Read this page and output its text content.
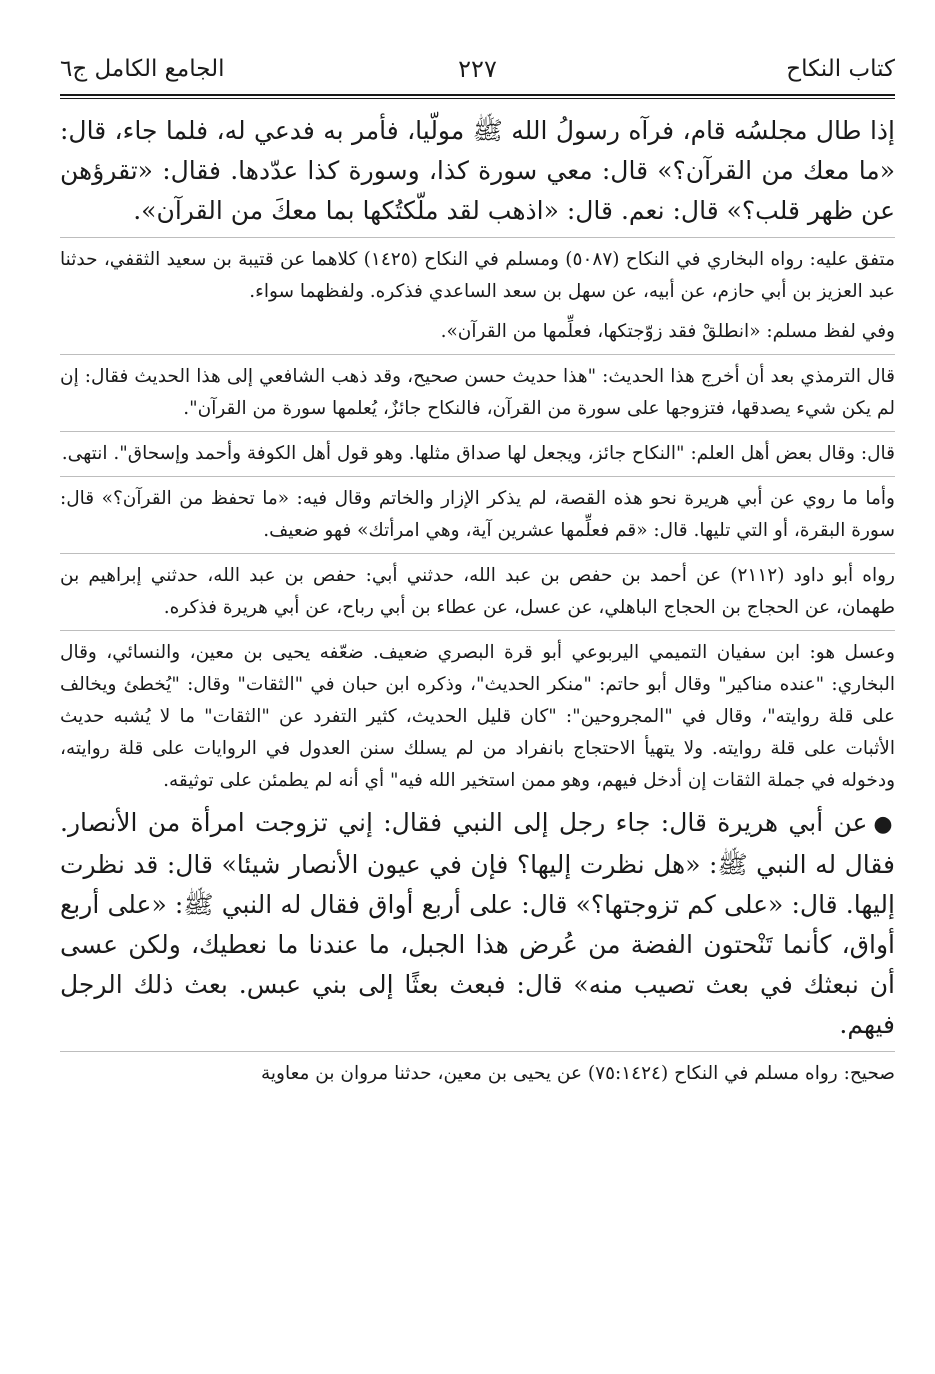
كتاب النكاح
٢٢٧
الجامع الكامل ج٦

إذا طال مجلسُه قام، فرآه رسولُ الله ﷺ مولّيا، فأمر به فدعي له، فلما جاء، قال: «ما معك من القرآن؟» قال: معي سورة كذا، وسورة كذا عدّدها. فقال: «تقرؤهن عن ظهر قلب؟» قال: نعم. قال: «اذهب لقد ملّكتُكها بما معكَ من القرآن».

متفق عليه: رواه البخاري في النكاح (٥٠٨٧) ومسلم في النكاح (١٤٢٥) كلاهما عن قتيبة بن سعيد الثقفي، حدثنا عبد العزيز بن أبي حازم، عن أبيه، عن سهل بن سعد الساعدي فذكره. ولفظهما سواء.

وفي لفظ مسلم: «انطلقْ فقد زوّجتكها، فعلِّمها من القرآن».

قال الترمذي بعد أن أخرج هذا الحديث: "هذا حديث حسن صحيح، وقد ذهب الشافعي إلى هذا الحديث فقال: إن لم يكن شيء يصدقها، فتزوجها على سورة من القرآن، فالنكاح جائزٌ، يُعلمها سورة من القرآن".

قال: وقال بعض أهل العلم: "النكاح جائز، ويجعل لها صداق مثلها. وهو قول أهل الكوفة وأحمد وإسحاق". انتهى.

وأما ما روي عن أبي هريرة نحو هذه القصة، لم يذكر الإزار والخاتم وقال فيه: «ما تحفظ من القرآن؟» قال: سورة البقرة، أو التي تليها. قال: «قم فعلِّمها عشرين آية، وهي امرأتك» فهو ضعيف.

رواه أبو داود (٢١١٢) عن أحمد بن حفص بن عبد الله، حدثني أبي: حفص بن عبد الله، حدثني إبراهيم بن طهمان، عن الحجاج بن الحجاج الباهلي، عن عسل، عن عطاء بن أبي رباح، عن أبي هريرة فذكره.

وعسل هو: ابن سفيان التميمي اليربوعي أبو قرة البصري ضعيف. ضعّفه يحيى بن معين، والنسائي، وقال البخاري: "عنده مناكير" وقال أبو حاتم: "منكر الحديث"، وذكره ابن حبان في "الثقات" وقال: "يُخطئ ويخالف على قلة روايته"، وقال في "المجروحين": "كان قليل الحديث، كثير التفرد عن "الثقات" ما لا يُشبه حديث الأثبات على قلة روايته. ولا يتهيأ الاحتجاج بانفراد من لم يسلك سنن العدول في الروايات على قلة روايته، ودخوله في جملة الثقات إن أدخل فيهم، وهو ممن استخير الله فيه" أي أنه لم يطمئن على توثيقه.

●عن أبي هريرة قال: جاء رجل إلى النبي فقال: إني تزوجت امرأة من الأنصار. فقال له النبي ﷺ: «هل نظرت إليها؟ فإن في عيون الأنصار شيئا» قال: قد نظرت إليها. قال: «على كم تزوجتها؟» قال: على أربع أواق فقال له النبي ﷺ: «على أربع أواق، كأنما تَنْحتون الفضة من عُرض هذا الجبل، ما عندنا ما نعطيك، ولكن عسى أن نبعثك في بعث تصيب منه» قال: فبعث بعثًا إلى بني عبس. بعث ذلك الرجل فيهم.

صحيح: رواه مسلم في النكاح (٧٥:١٤٢٤) عن يحيى بن معين، حدثنا مروان بن معاوية
